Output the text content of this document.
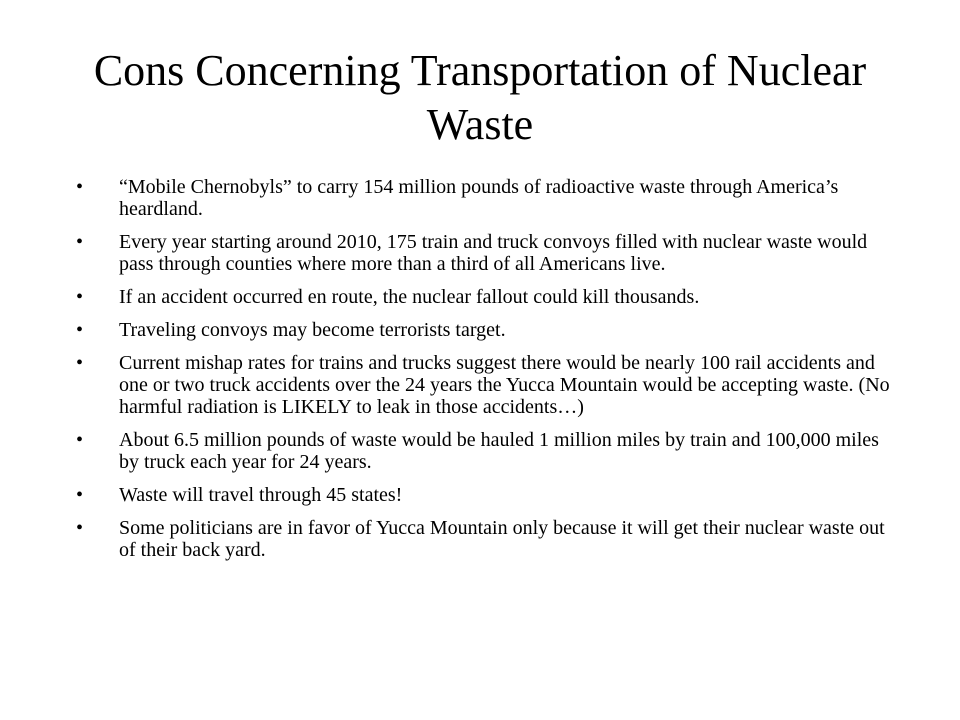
Cons Concerning Transportation of Nuclear Waste
• “Mobile Chernobyls” to carry 154 million pounds of radioactive waste through America’s heardland.
• Every year starting around 2010, 175 train and truck convoys filled with nuclear waste would pass through counties where more than a third of all Americans live.
• If an accident occurred en route, the nuclear fallout could kill thousands.
• Traveling convoys may become terrorists target.
• Current mishap rates for trains and trucks suggest there would be nearly 100 rail accidents and one or two truck accidents over the 24 years the Yucca Mountain would be accepting waste. (No harmful radiation is LIKELY to leak in those accidents…)
• About 6.5 million pounds of waste would be hauled 1 million miles by train and 100,000 miles by truck each year for 24 years.
• Waste will travel through 45 states!
• Some politicians are in favor of Yucca Mountain only because it will get their nuclear waste out of their back yard.
